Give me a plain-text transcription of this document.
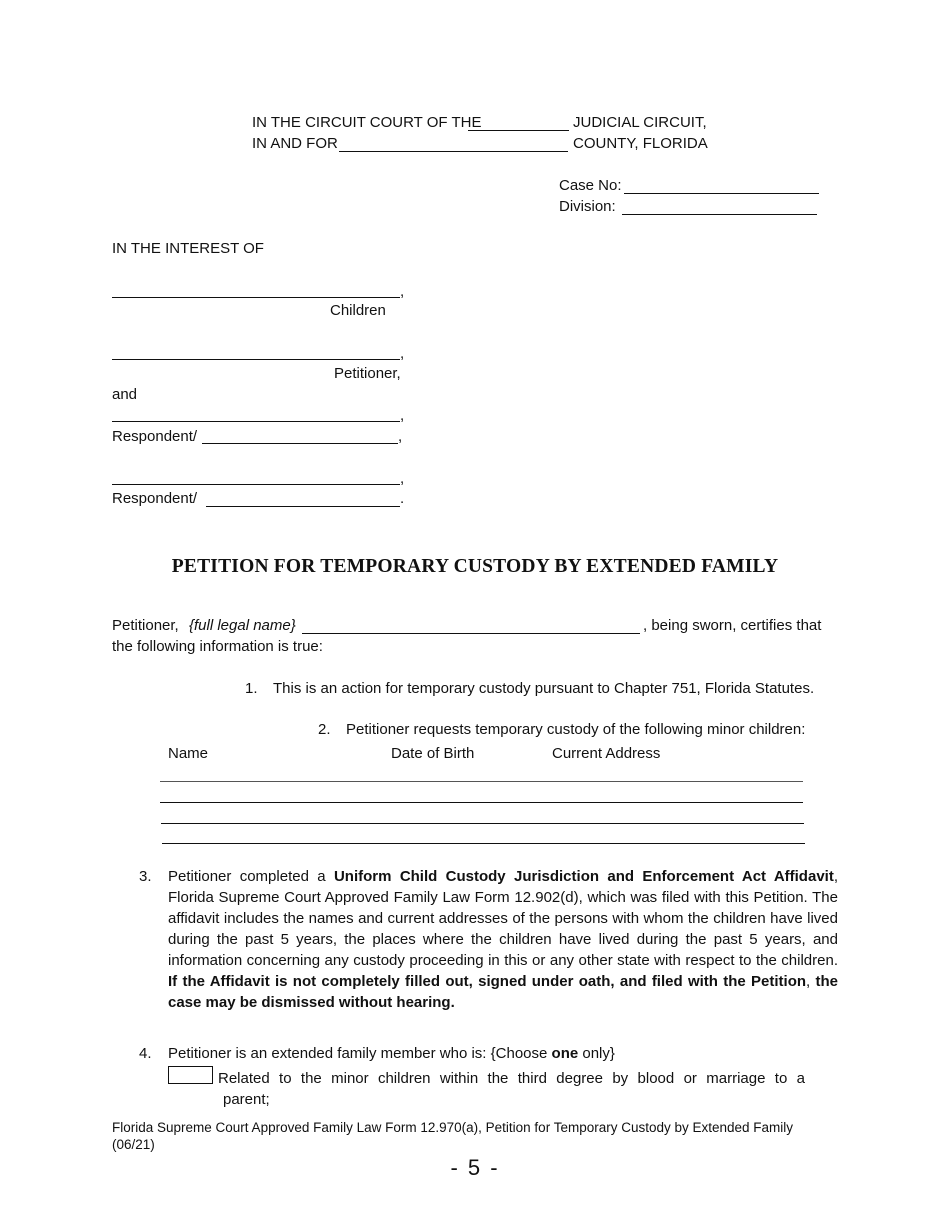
IN THE CIRCUIT COURT OF THE	JUDICIAL CIRCUIT,
IN AND FOR	COUNTY, FLORIDA
Case No:
Division:
IN THE INTEREST OF
,
Children
,
Petitioner,
and
,
Respondent/	,
,
Respondent/	.
PETITION FOR TEMPORARY CUSTODY BY EXTENDED FAMILY
Petitioner, {full legal name}	, being sworn, certifies that
the following information is true:
1. This is an action for temporary custody pursuant to Chapter 751, Florida Statutes.
2. Petitioner requests temporary custody of the following minor children:
Name	Date of Birth	Current Address
3. Petitioner completed a Uniform Child Custody Jurisdiction and Enforcement Act Affidavit, Florida Supreme Court Approved Family Law Form 12.902(d), which was filed with this Petition. The affidavit includes the names and current addresses of the persons with whom the children have lived during the past 5 years, the places where the children have lived during the past 5 years, and information concerning any custody proceeding in this or any other state with respect to the children. If the Affidavit is not completely filled out, signed under oath, and filed with the Petition, the case may be dismissed without hearing.
4. Petitioner is an extended family member who is: {Choose one only}
Related to the minor children within the third degree by blood or marriage to a
parent;
Florida Supreme Court Approved Family Law Form 12.970(a), Petition for Temporary Custody by Extended Family
(06/21)
- 5 -
